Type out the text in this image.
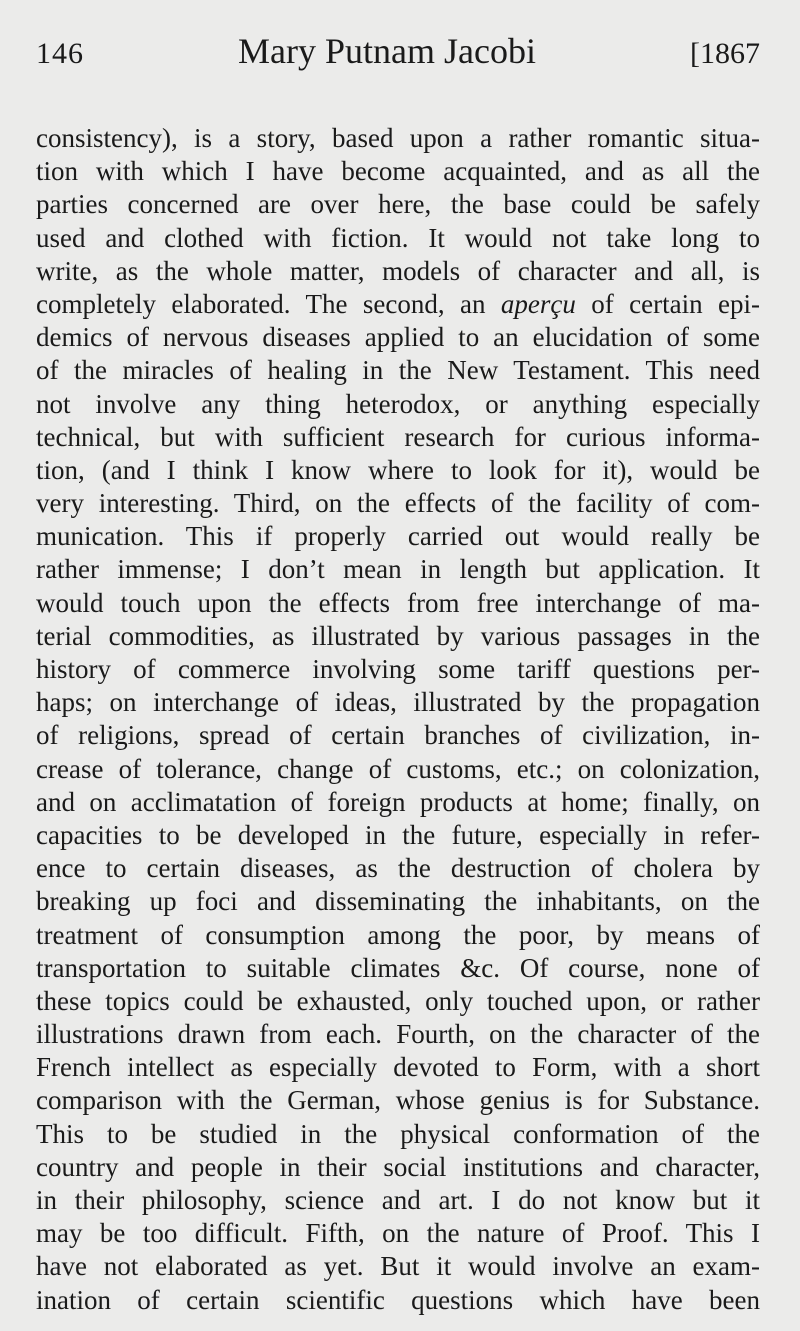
146	Mary Putnam Jacobi	[1867
consistency), is a story, based upon a rather romantic situa-
tion with which I have become acquainted, and as all the
parties concerned are over here, the base could be safely
used and clothed with fiction. It would not take long to
write, as the whole matter, models of character and all, is
completely elaborated. The second, an aperçu of certain epi-
demics of nervous diseases applied to an elucidation of some
of the miracles of healing in the New Testament. This need
not involve any thing heterodox, or anything especially
technical, but with sufficient research for curious informa-
tion, (and I think I know where to look for it), would be
very interesting. Third, on the effects of the facility of com-
munication. This if properly carried out would really be
rather immense; I don’t mean in length but application. It
would touch upon the effects from free interchange of ma-
terial commodities, as illustrated by various passages in the
history of commerce involving some tariff questions per-
haps; on interchange of ideas, illustrated by the propagation
of religions, spread of certain branches of civilization, in-
crease of tolerance, change of customs, etc.; on colonization,
and on acclimatation of foreign products at home; finally, on
capacities to be developed in the future, especially in refer-
ence to certain diseases, as the destruction of cholera by
breaking up foci and disseminating the inhabitants, on the
treatment of consumption among the poor, by means of
transportation to suitable climates &c. Of course, none of
these topics could be exhausted, only touched upon, or rather
illustrations drawn from each. Fourth, on the character of the
French intellect as especially devoted to Form, with a short
comparison with the German, whose genius is for Substance.
This to be studied in the physical conformation of the
country and people in their social institutions and character,
in their philosophy, science and art. I do not know but it
may be too difficult. Fifth, on the nature of Proof. This I
have not elaborated as yet. But it would involve an exam-
ination of certain scientific questions which have been
